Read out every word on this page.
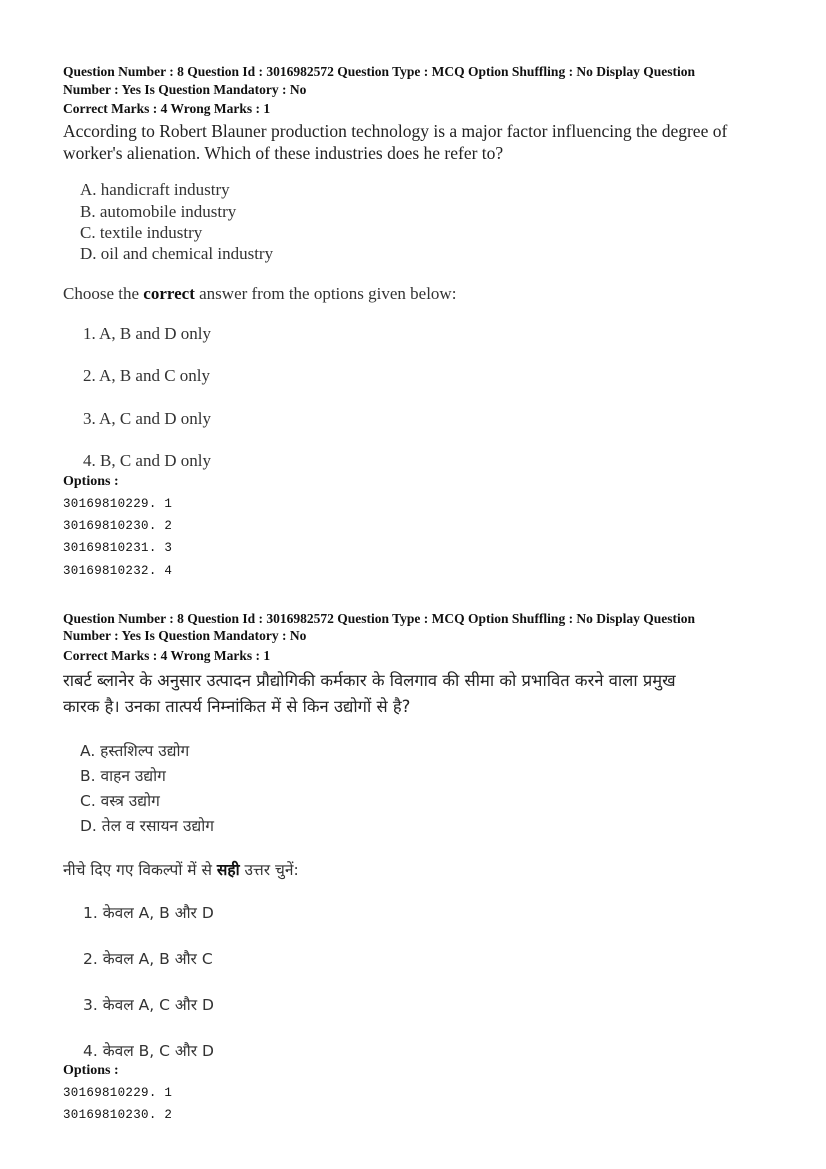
Question Number : 8 Question Id : 3016982572 Question Type : MCQ Option Shuffling : No Display Question
Number : Yes Is Question Mandatory : No
Correct Marks : 4 Wrong Marks : 1
According to Robert Blauner production technology is a major factor influencing the degree of
worker's alienation. Which of these industries does he refer to?
A. handicraft industry
B. automobile industry
C. textile industry
D. oil and chemical industry
Choose the correct answer from the options given below:
1. A, B and D only
2. A, B and C only
3. A, C and D only
4. B, C and D only
Options :
30169810229. 1
30169810230. 2
30169810231. 3
30169810232. 4
Question Number : 8 Question Id : 3016982572 Question Type : MCQ Option Shuffling : No Display Question
Number : Yes Is Question Mandatory : No
Correct Marks : 4 Wrong Marks : 1
राबर्ट ब्लानेर के अनुसार उत्पादन प्रौद्योगिकी कर्मकार के विलगाव की सीमा को प्रभावित करने वाला प्रमुख
कारक है। उनका तात्पर्य निम्नांकित में से किन उद्योगों से है?
A. हस्तशिल्प उद्योग
B. वाहन उद्योग
C. वस्त्र उद्योग
D. तेल व रसायन उद्योग
नीचे दिए गए विकल्पों में से सही उत्तर चुनें:
1. केवल A, B और D
2. केवल A, B और C
3. केवल A, C और D
4. केवल B, C और D
Options :
30169810229. 1
30169810230. 2
